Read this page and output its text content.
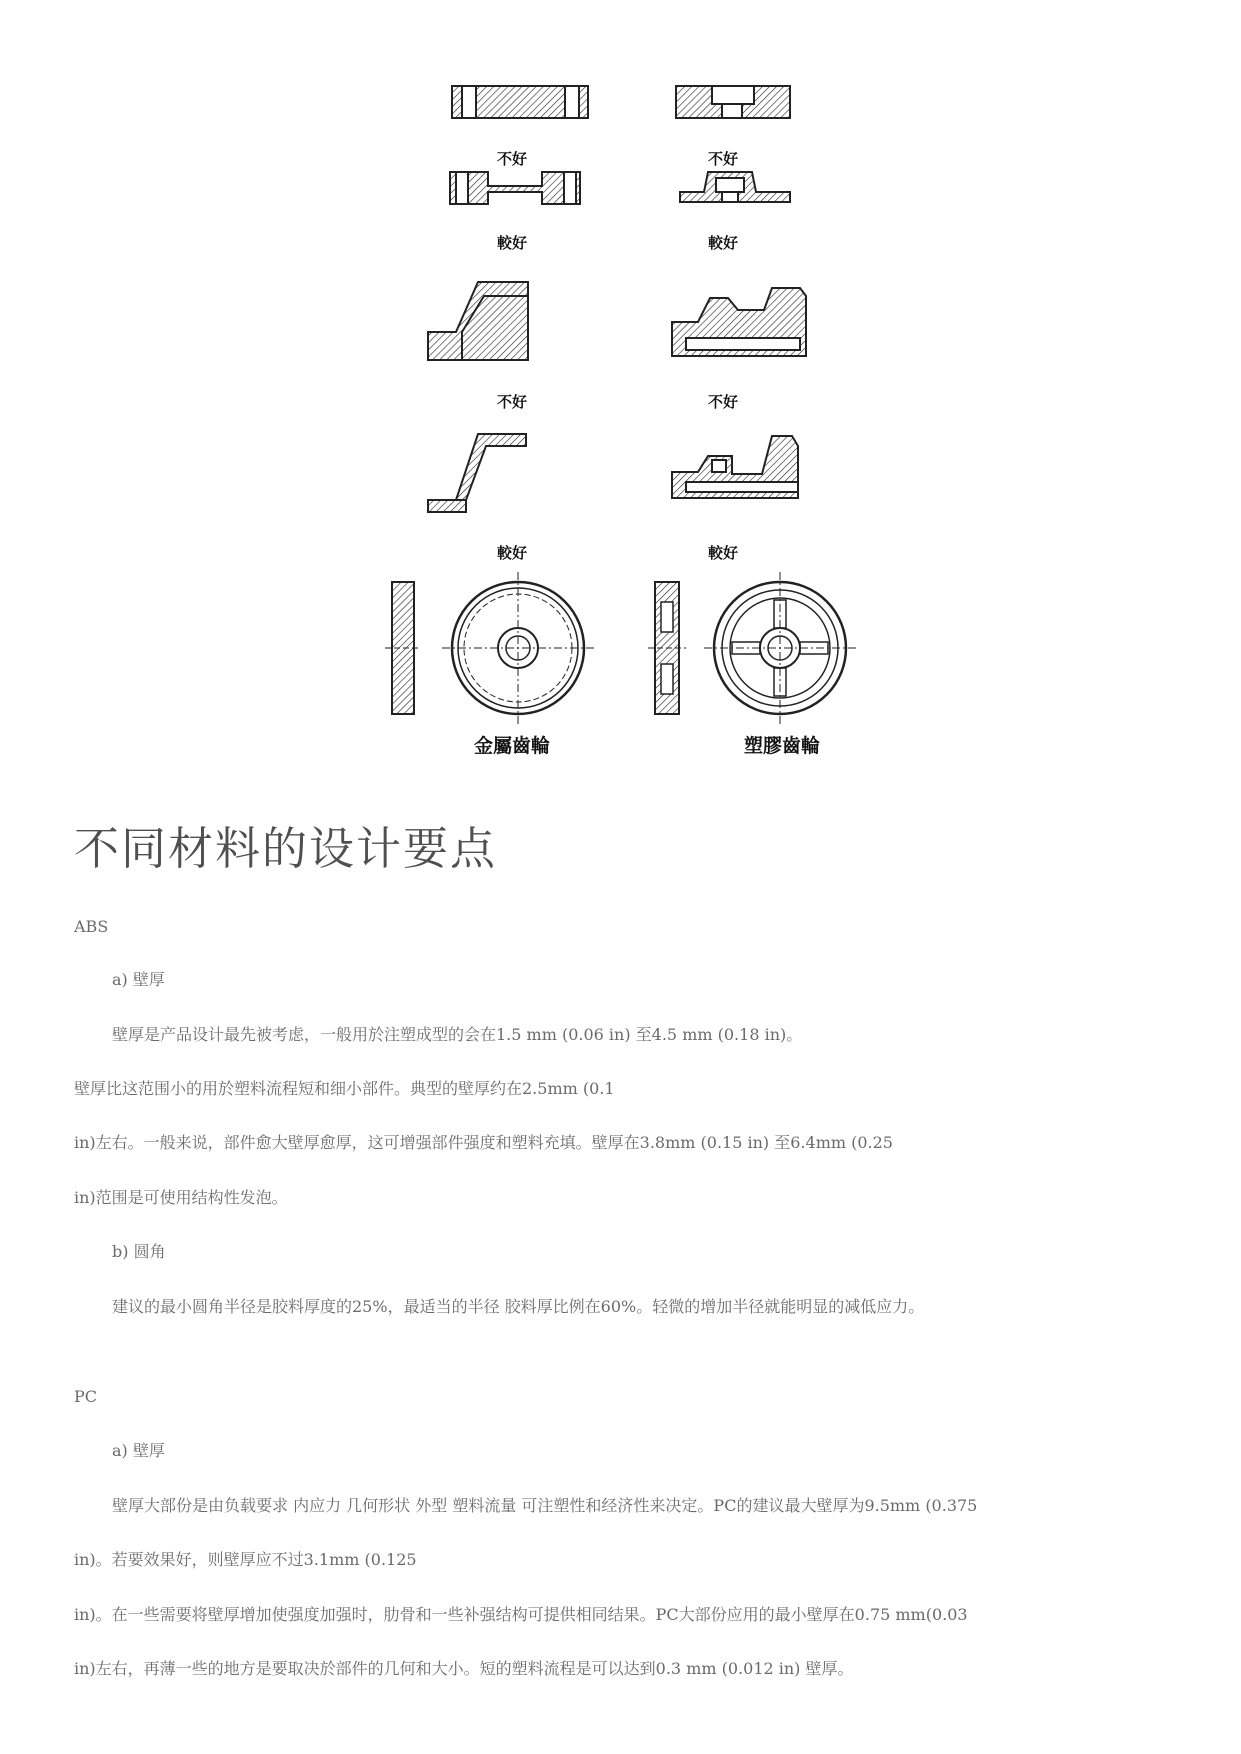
不好	不好
較好	較好
不好	不好
較好	較好
金屬齒輪	塑膠齒輪
不同材料的设计要点
ABS
a) 壁厚
壁厚是产品设计最先被考虑，一般用於注塑成型的会在1.5 mm (0.06 in) 至4.5 mm (0.18 in)。
壁厚比这范围小的用於塑料流程短和细小部件。典型的壁厚约在2.5mm (0.1
in)左右。一般来说，部件愈大壁厚愈厚，这可增强部件强度和塑料充填。壁厚在3.8mm (0.15 in) 至6.4mm (0.25
in)范围是可使用结构性发泡。
b) 圆角
建议的最小圆角半径是胶料厚度的25%，最适当的半径 胶料厚比例在60%。轻微的增加半径就能明显的减低应力。
PC
a) 壁厚
壁厚大部份是由负载要求 内应力 几何形状 外型 塑料流量 可注塑性和经济性来决定。PC的建议最大壁厚为9.5mm (0.375
in)。若要效果好，则壁厚应不过3.1mm (0.125
in)。在一些需要将壁厚增加使强度加强时，肋骨和一些补强结构可提供相同结果。PC大部份应用的最小壁厚在0.75 mm(0.03
in)左右，再薄一些的地方是要取决於部件的几何和大小。短的塑料流程是可以达到0.3 mm (0.012 in) 壁厚。
